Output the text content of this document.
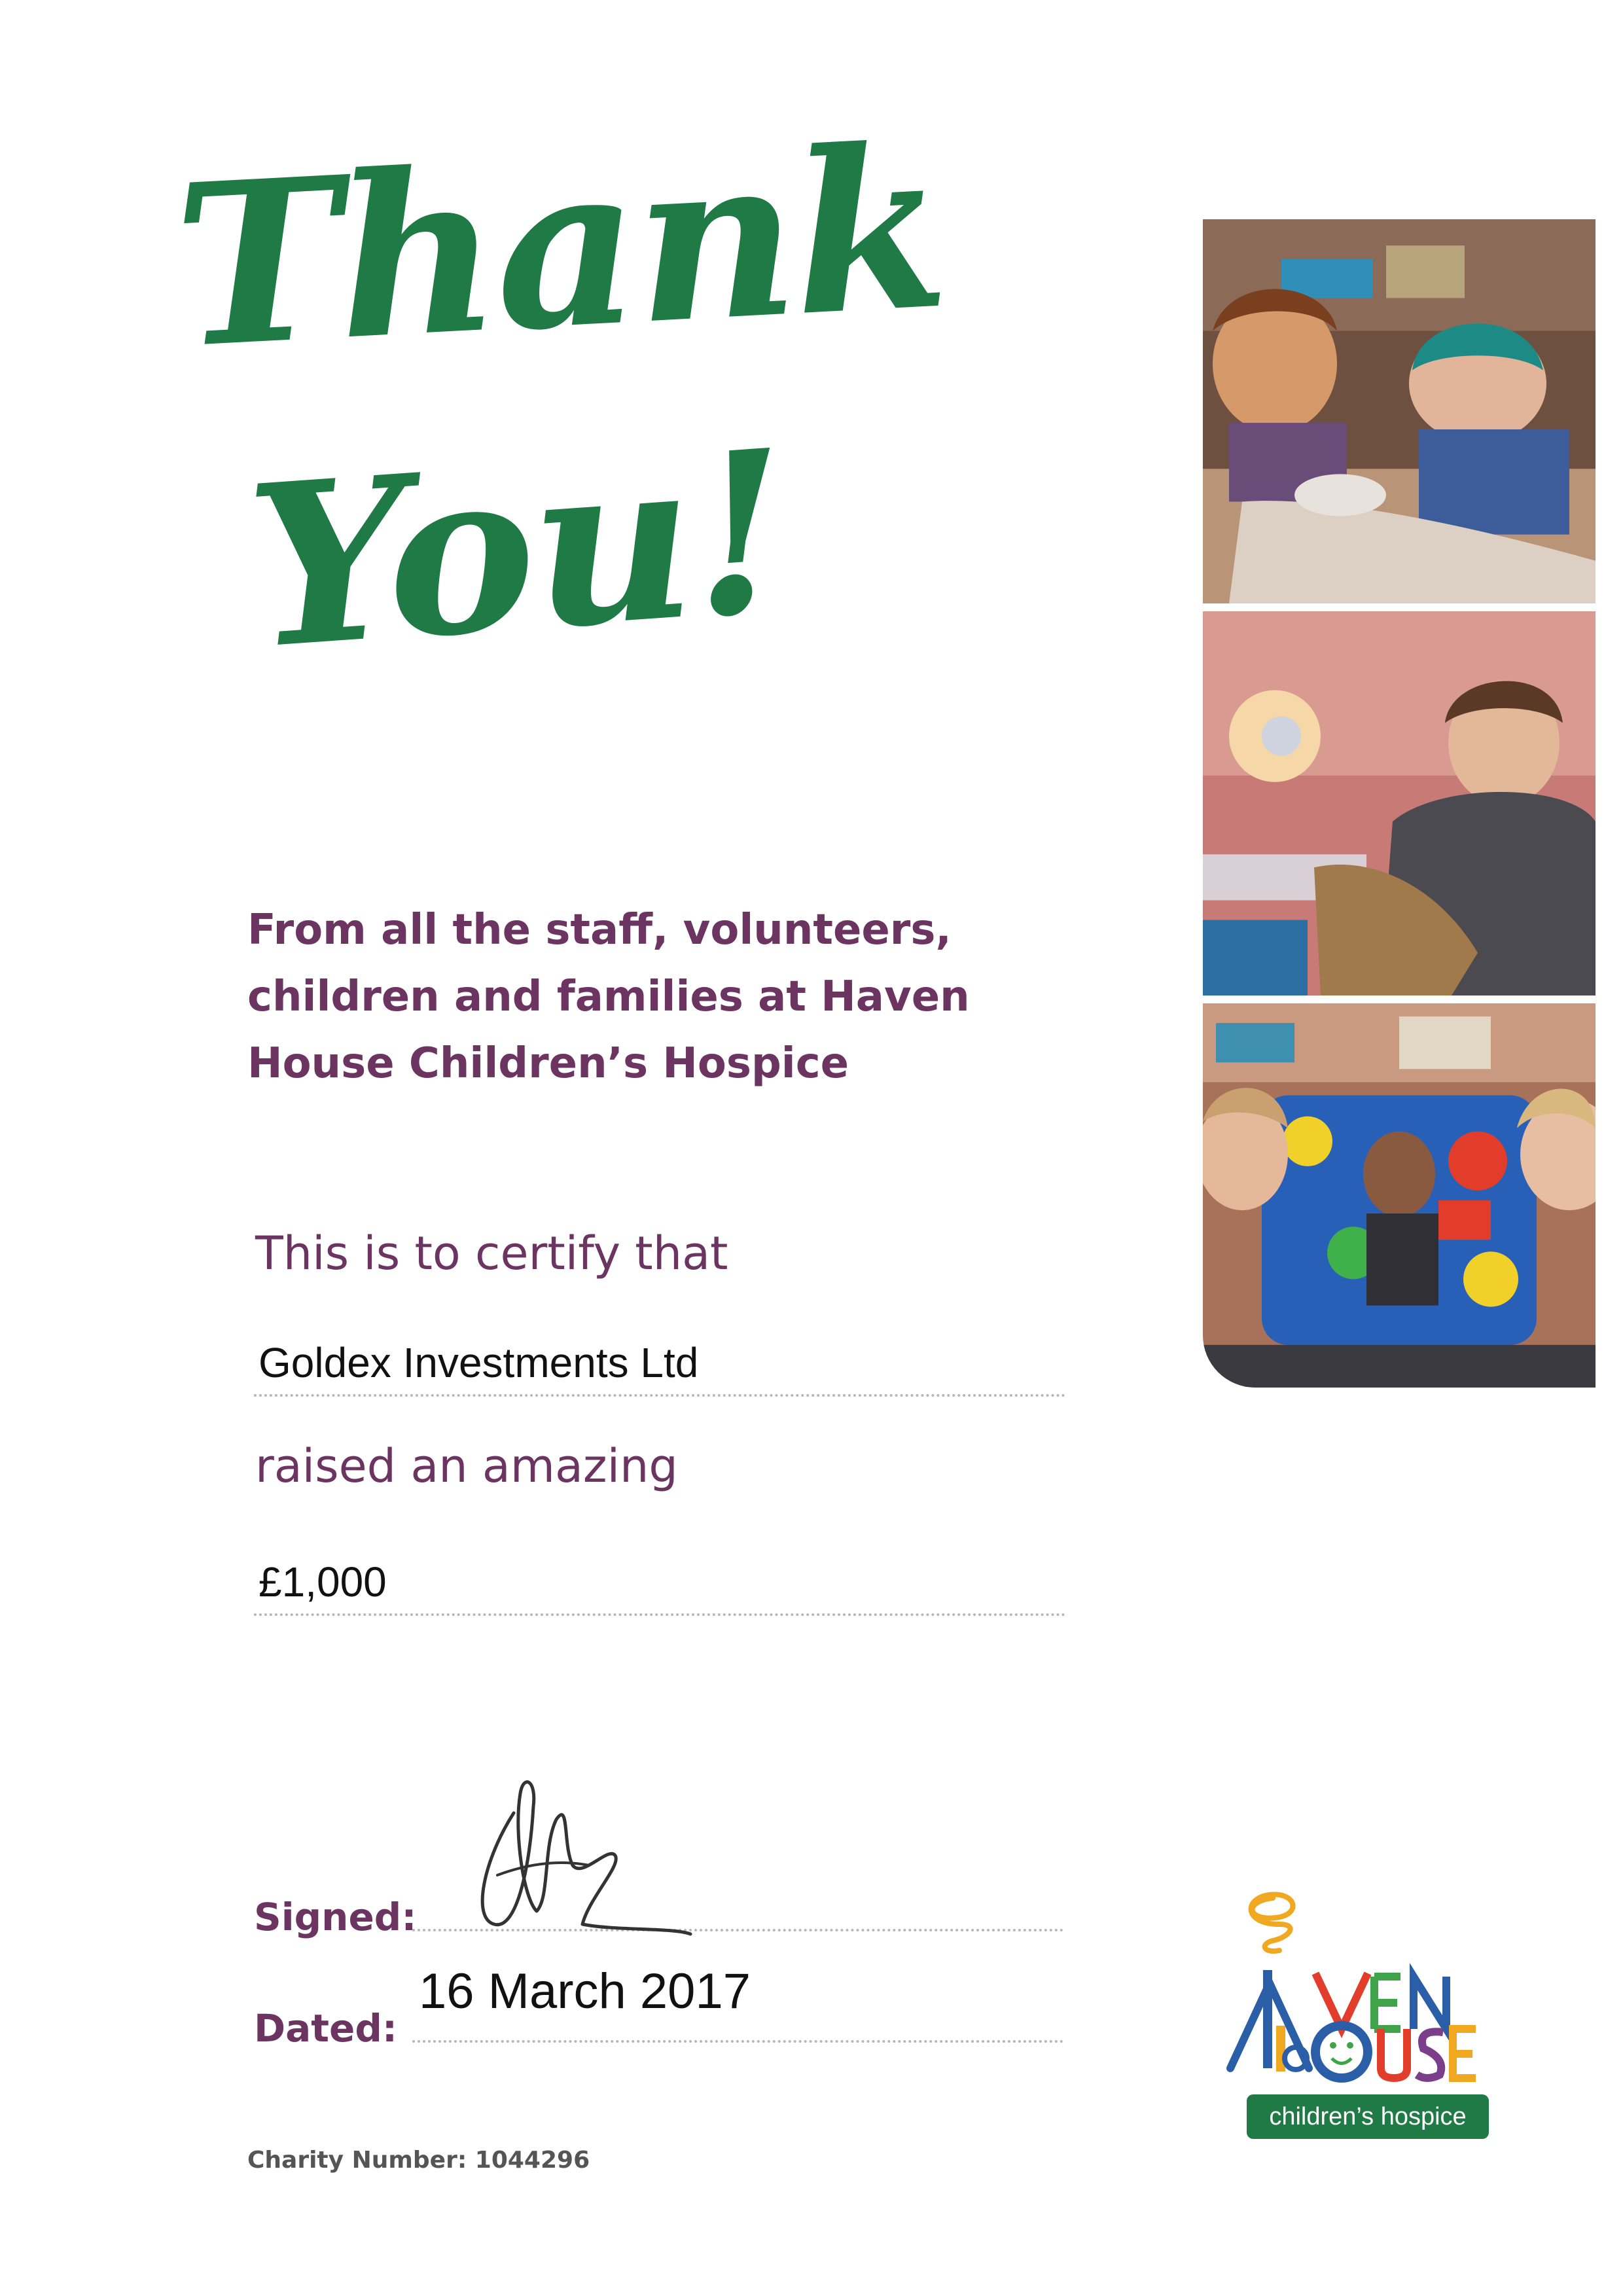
Thank
You!
From all the staff, volunteers, children and families at Haven House Children’s Hospice
This is to certify that
Goldex Investments Ltd
raised an amazing
£1,000
Signed:
Dated:
16 March 2017
Charity Number: 1044296
children’s hospice
